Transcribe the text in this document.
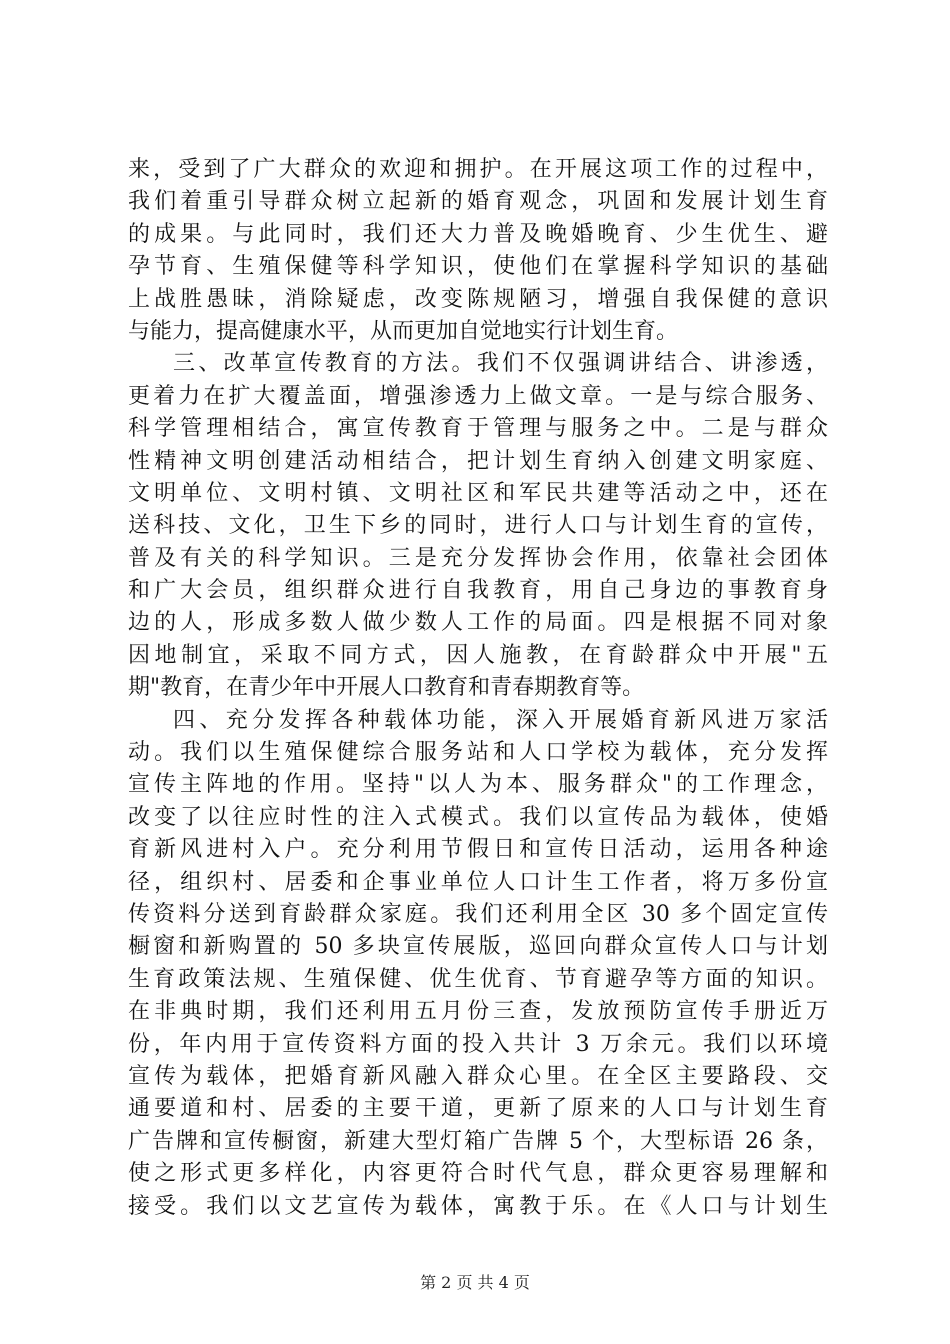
来，受到了广大群众的欢迎和拥护。在开展这项工作的过程中，
我们着重引导群众树立起新的婚育观念，巩固和发展计划生育
的成果。与此同时，我们还大力普及晚婚晚育、少生优生、避
孕节育、生殖保健等科学知识，使他们在掌握科学知识的基础
上战胜愚昧，消除疑虑，改变陈规陋习，增强自我保健的意识
与能力，提高健康水平，从而更加自觉地实行计划生育。
三、改革宣传教育的方法。我们不仅强调讲结合、讲渗透，
更着力在扩大覆盖面，增强渗透力上做文章。一是与综合服务、
科学管理相结合，寓宣传教育于管理与服务之中。二是与群众
性精神文明创建活动相结合，把计划生育纳入创建文明家庭、
文明单位、文明村镇、文明社区和军民共建等活动之中，还在
送科技、文化，卫生下乡的同时，进行人口与计划生育的宣传，
普及有关的科学知识。三是充分发挥协会作用，依靠社会团体
和广大会员，组织群众进行自我教育，用自己身边的事教育身
边的人，形成多数人做少数人工作的局面。四是根据不同对象
因地制宜，采取不同方式，因人施教，在育龄群众中开展"五
期"教育，在青少年中开展人口教育和青春期教育等。
四、充分发挥各种载体功能，深入开展婚育新风进万家活
动。我们以生殖保健综合服务站和人口学校为载体，充分发挥
宣传主阵地的作用。坚持"以人为本、服务群众"的工作理念，
改变了以往应时性的注入式模式。我们以宣传品为载体，使婚
育新风进村入户。充分利用节假日和宣传日活动，运用各种途
径，组织村、居委和企事业单位人口计生工作者，将万多份宣
传资料分送到育龄群众家庭。我们还利用全区 30 多个固定宣传
橱窗和新购置的 50 多块宣传展版，巡回向群众宣传人口与计划
生育政策法规、生殖保健、优生优育、节育避孕等方面的知识。
在非典时期，我们还利用五月份三查，发放预防宣传手册近万
份，年内用于宣传资料方面的投入共计 3 万余元。我们以环境
宣传为载体，把婚育新风融入群众心里。在全区主要路段、交
通要道和村、居委的主要干道，更新了原来的人口与计划生育
广告牌和宣传橱窗，新建大型灯箱广告牌 5 个，大型标语 26 条，
使之形式更多样化，内容更符合时代气息，群众更容易理解和
接受。我们以文艺宣传为载体，寓教于乐。在《人口与计划生
第 2 页 共 4 页
